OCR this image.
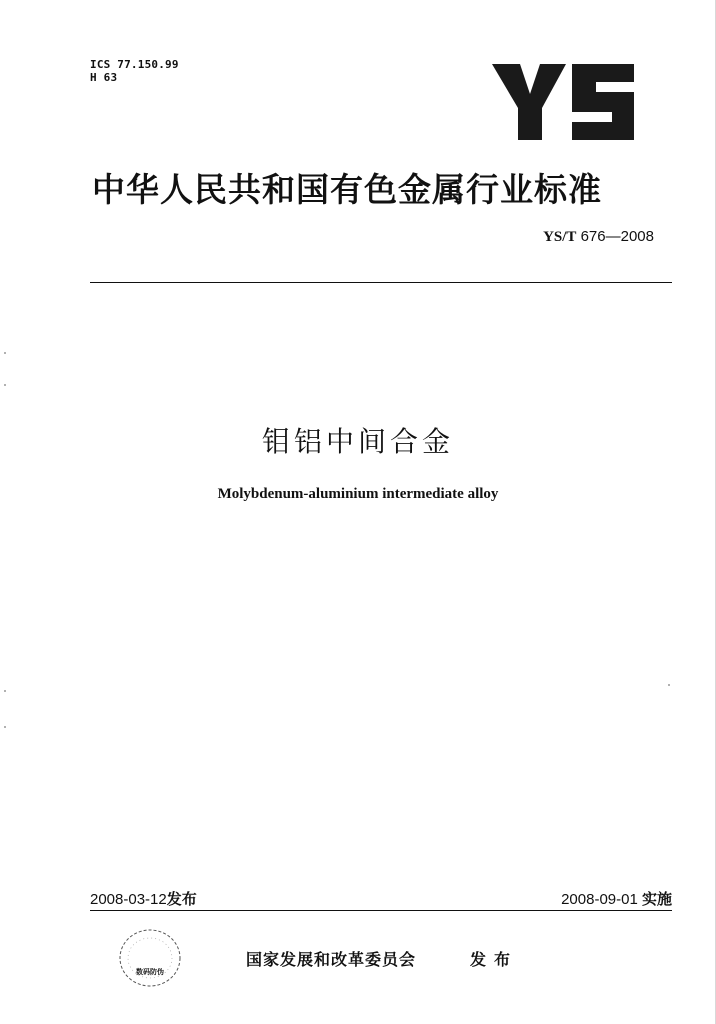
ICS 77.150.99
H 63
中华人民共和国有色金属行业标准
YS/T 676—2008
钼铝中间合金
Molybdenum-aluminium intermediate alloy
2008-03-12发布	2008-09-01 实施
数码防伪
国家发展和改革委员会	发布
